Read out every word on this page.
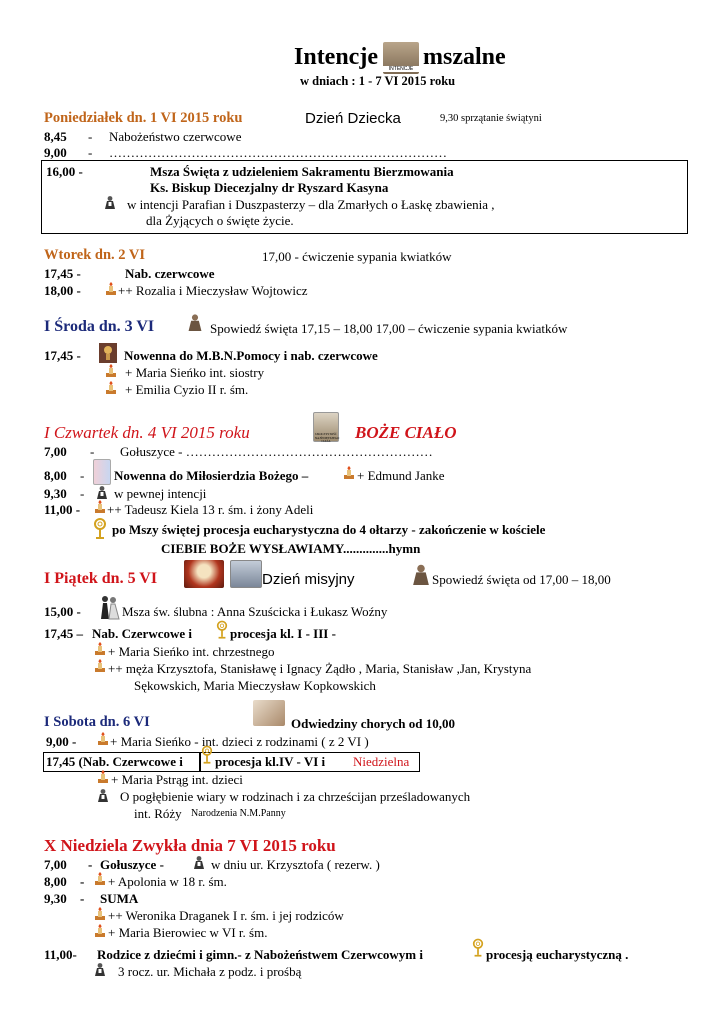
Intencje	INTENCJE mszalne
w dniach : 1 - 7 VI 2015 roku
Poniedziałek dn. 1 VI 2015 roku	Dzień Dziecka	9,30 sprzątanie świątyni
8,45 - Nabożeństwo czerwcowe
9,00 - ……………………………………………………………………
16,00 -	Msza Święta z udzieleniem Sakramentu Bierzmowania
Ks. Biskup Diecezjalny dr Ryszard Kasyna
w intencji Parafian i Duszpasterzy – dla Zmarłych o Łaskę zbawienia ,
dla Żyjących o święte życie.
Wtorek dn. 2 VI	17,00 - ćwiczenie sypania kwiatków
17,45 -	Nab. czerwcowe
18,00 -	++ Rozalia i Mieczysław Wojtowicz
I Środa dn. 3 VI	Spowiedź święta 17,15 – 18,00 17,00 – ćwiczenie sypania kwiatków
17,45 -	Nowenna do M.B.N.Pomocy i nab. czerwcowe
+ Maria Sieńko int. siostry
+ Emilia Cyzio II r. śm.
I Czwartek dn. 4 VI 2015 roku	UROCZYSTOŚĆ NAJŚWIĘTSZEGO CIAŁA	BOŻE CIAŁO
7,00 - Gołuszyce - …………………………………………………
8,00 - Nowenna do Miłosierdzia Bożego –	+ Edmund Janke
9,30 - w pewnej intencji
11,00 - ++ Tadeusz Kiela 13 r. śm. i żony Adeli
po Mszy świętej procesja eucharystyczna do 4 ołtarzy - zakończenie w kościele
CIEBIE BOŻE WYSŁAWIAMY..............hymn
I Piątek dn. 5 VI	Dzień misyjny	Spowiedź święta od 17,00 – 18,00
15,00 -	Msza św. ślubna : Anna Szuścicka i Łukasz Woźny
17,45 – Nab. Czerwcowe i	procesja kl. I - III -
+ Maria Sieńko int. chrzestnego
++ męża Krzysztofa, Stanisławę i Ignacy Żądło , Maria, Stanisław ,Jan, Krystyna
Sękowskich, Maria Mieczysław Kopkowskich
I Sobota dn. 6 VI	Odwiedziny chorych od 10,00
9,00 -	+ Maria Sieńko - int. dzieci z rodzinami ( z 2 VI )
17,45 (Nab. Czerwcowe i procesja kl.IV - VI i Niedzielna
+ Maria Pstrąg int. dzieci
O pogłębienie wiary w rodzinach i za chrześcijan prześladowanych
int. Róży Narodzenia N.M.Panny
X Niedziela Zwykła dnia 7 VI 2015 roku
7,00 - Gołuszyce -	w dniu ur. Krzysztofa ( rezerw. )
8,00 - + Apolonia w 18 r. śm.
9,30 - SUMA
++ Weronika Draganek I r. śm. i jej rodziców
+ Maria Bierowiec w VI r. śm.
11,00- Rodzice z dziećmi i gimn.- z Nabożeństwem Czerwcowym i	procesją eucharystyczną .
3 rocz. ur. Michała z podz. i prośbą
